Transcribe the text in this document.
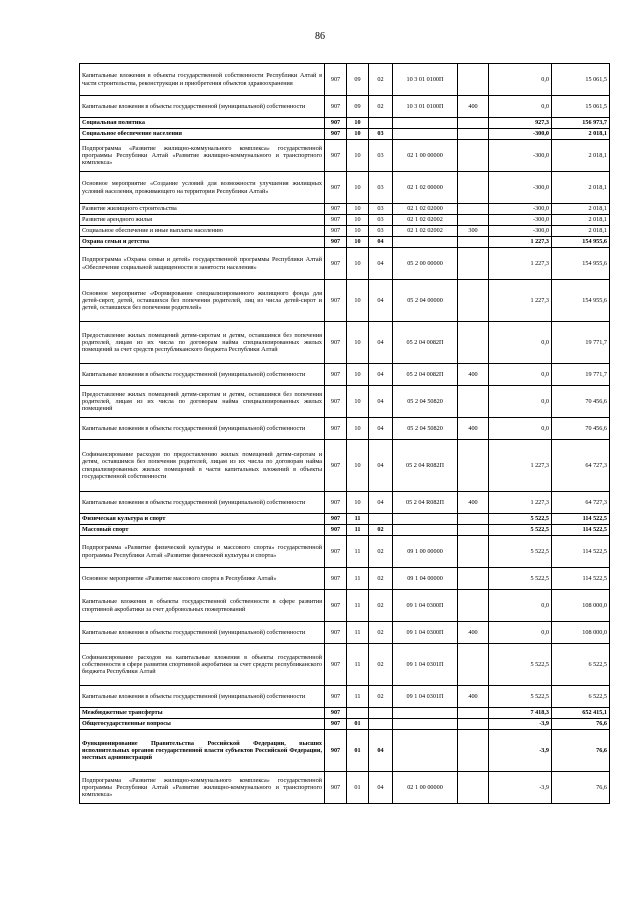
86
Капитальные вложения в объекты государственной собственности Республики Алтай в части строительства, реконструкции и приобретения объектов здравоохранения	907	09	02	10 3 01 0100П		0,0	15 061,5
Капитальные вложения в объекты государственной (муниципальной) собственности	907	09	02	10 3 01 0100П	400	0,0	15 061,5
Социальная политика	907	10				927,3	156 973,7
Социальное обеспечение населения	907	10	03			-300,0	2 018,1
Подпрограмма «Развитие жилищно-коммунального комплекса» государственной программы Республики Алтай «Развитие жилищно-коммунального и транспортного комплекса»	907	10	03	02 1 00 00000		-300,0	2 018,1
Основное мероприятие «Создание условий для возможности улучшения жилищных условий населения, проживающего на территории Республики Алтай»	907	10	03	02 1 02 00000		-300,0	2 018,1
Развитие жилищного строительства	907	10	03	02 1 02 02000		-300,0	2 018,1
Развитие арендного жилья	907	10	03	02 1 02 02002		-300,0	2 018,1
Социальное обеспечение и иные выплаты населению	907	10	03	02 1 02 02002	300	-300,0	2 018,1
Охрана семьи и детства	907	10	04			1 227,3	154 955,6
Подпрограмма «Охрана семьи и детей» государственной программы Республики Алтай «Обеспечение социальной защищенности и занятости населения»	907	10	04	05 2 00 00000		1 227,3	154 955,6
Основное мероприятие «Формирование специализированного жилищного фонда для детей-сирот, детей, оставшихся без попечения родителей, лиц из числа детей-сирот и детей, оставшихся без попечения родителей»	907	10	04	05 2 04 00000		1 227,3	154 955,6
Предоставление жилых помещений детям-сиротам и детям, оставшимся без попечения родителей, лицам из их числа по договорам найма специализированных жилых помещений за счет средств республиканского бюджета Республики Алтай	907	10	04	05 2 04 0082П		0,0	19 771,7
Капитальные вложения в объекты государственной (муниципальной) собственности	907	10	04	05 2 04 0082П	400	0,0	19 771,7
Предоставление жилых помещений детям-сиротам и детям, оставшимся без попечения родителей, лицам из их числа по договорам найма специализированных жилых помещений	907	10	04	05 2 04 50820		0,0	70 456,6
Капитальные вложения в объекты государственной (муниципальной) собственности	907	10	04	05 2 04 50820	400	0,0	70 456,6
Софинансирование расходов по предоставлению жилых помещений детям-сиротам и детям, оставшимся без попечения родителей, лицам из их числа по договорам найма специализированных жилых помещений в части капитальных вложений в объекты государственной собственности	907	10	04	05 2 04 R082П		1 227,3	64 727,3
Капитальные вложения в объекты государственной (муниципальной) собственности	907	10	04	05 2 04 R082П	400	1 227,3	64 727,3
Физическая культура и спорт	907	11				5 522,5	114 522,5
Массовый спорт	907	11	02			5 522,5	114 522,5
Подпрограмма «Развитие физической культуры и массового спорта» государственной программы Республики Алтай «Развитие физической культуры и спорта»	907	11	02	09 1 00 00000		5 522,5	114 522,5
Основное мероприятие «Развитие массового спорта в Республике Алтай»	907	11	02	09 1 04 00000		5 522,5	114 522,5
Капитальные вложения в объекты государственной собственности в сфере развития спортивной акробатики за счет добровольных пожертвований	907	11	02	09 1 04 0300П		0,0	108 000,0
Капитальные вложения в объекты государственной (муниципальной) собственности	907	11	02	09 1 04 0300П	400	0,0	108 000,0
Софинансирование расходов на капитальные вложения в объекты государственной собственности в сфере развития спортивной акробатики за счет средств республиканского бюджета Республики Алтай	907	11	02	09 1 04 0301П		5 522,5	6 522,5
Капитальные вложения в объекты государственной (муниципальной) собственности	907	11	02	09 1 04 0301П	400	5 522,5	6 522,5
Межбюджетные трансферты	907					7 418,3	652 415,1
Общегосударственные вопросы	907	01				-3,9	76,6
Функционирование Правительства Российской Федерации, высших исполнительных органов государственной власти субъектов Российской Федерации, местных администраций	907	01	04			-3,9	76,6
Подпрограмма «Развитие жилищно-коммунального комплекса» государственной программы Республики Алтай «Развитие жилищно-коммунального и транспортного комплекса»	907	01	04	02 1 00 00000		-3,9	76,6
